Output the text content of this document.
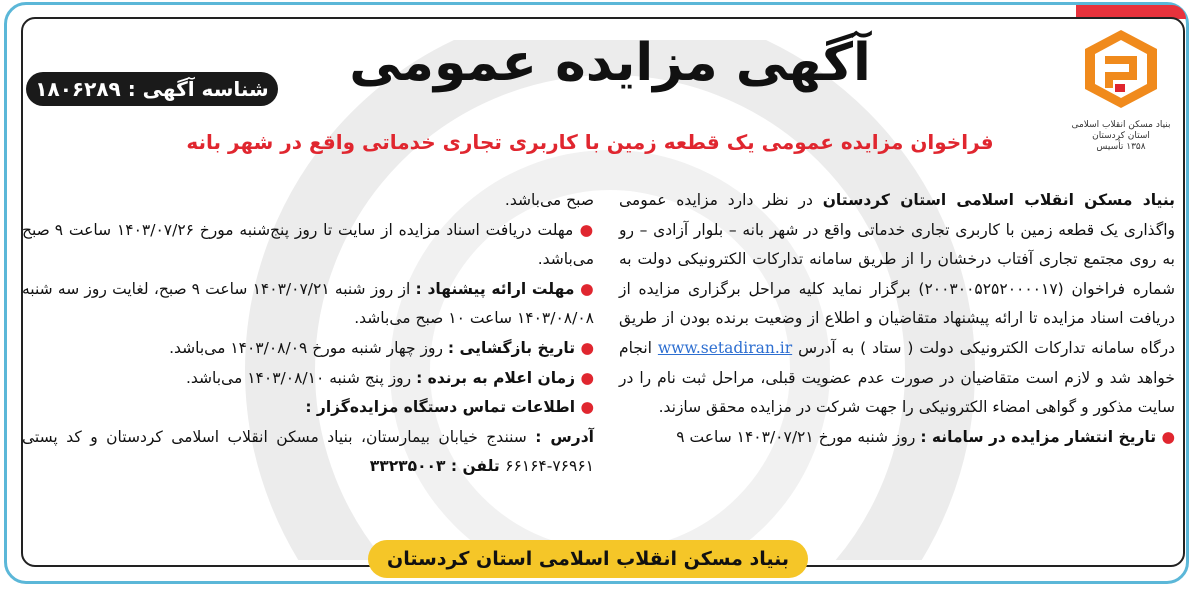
آگهی مزایده عمومی
بنیاد مسکن انقلاب اسلامی
استان کردستان
۱۳۵۸ تأسیس
شناسه آگهی : ۱۸۰۶۲۸۹
فراخوان مزایده عمومی یک قطعه زمین با کاربری تجاری خدماتی واقع در شهر بانه

بنیاد مسکن انقلاب اسلامی استان کردستان در نظر دارد مزایده عمومی واگذاری یک قطعه زمین با کاربری تجاری خدماتی واقع در شهر بانه – بلوار آزادی – رو به روی مجتمع تجاری آفتاب درخشان را از طریق سامانه تدارکات الکترونیکی دولت به شماره فراخوان (۲۰۰۳۰۰۵۲۵۲۰۰۰۰۱۷) برگزار نماید کلیه مراحل برگزاری مزایده از دریافت اسناد مزایده تا ارائه پیشنهاد متقاضیان و اطلاع از وضعیت برنده بودن از طریق درگاه سامانه تدارکات الکترونیکی دولت ( ستاد ) به آدرس www.setadiran.ir انجام خواهد شد و لازم است متقاضیان در صورت عدم عضویت قبلی، مراحل ثبت نام را در سایت مذکور و گواهی امضاء الکترونیکی را جهت شرکت در مزایده محقق سازند.

● تاریخ انتشار مزایده در سامانه : روز شنبه مورخ ۱۴۰۳/۰۷/۲۱ ساعت ۹

صبح می‌باشد.

● مهلت دریافت اسناد مزایده از سایت تا روز پنج‌شنبه مورخ ۱۴۰۳/۰۷/۲۶ ساعت ۹ صبح می‌باشد.

● مهلت ارائه پیشنهاد : از روز شنبه ۱۴۰۳/۰۷/۲۱ ساعت ۹ صبح، لغایت روز سه شنبه ۱۴۰۳/۰۸/۰۸ ساعت ۱۰ صبح می‌باشد.

● تاریخ بازگشایی : روز چهار شنبه مورخ ۱۴۰۳/۰۸/۰۹ می‌باشد.

● زمان اعلام به برنده : روز پنج شنبه ۱۴۰۳/۰۸/۱۰ می‌باشد.

● اطلاعات تماس دستگاه مزایده‌گزار :

آدرس : سنندج خیابان بیمارستان، بنیاد مسکن انقلاب اسلامی کردستان و کد پستی ۷۶۹۶۱-۶۶۱۶۴ تلفن : ۳۳۲۳۵۰۰۳

بنیاد مسکن انقلاب اسلامی استان کردستان
